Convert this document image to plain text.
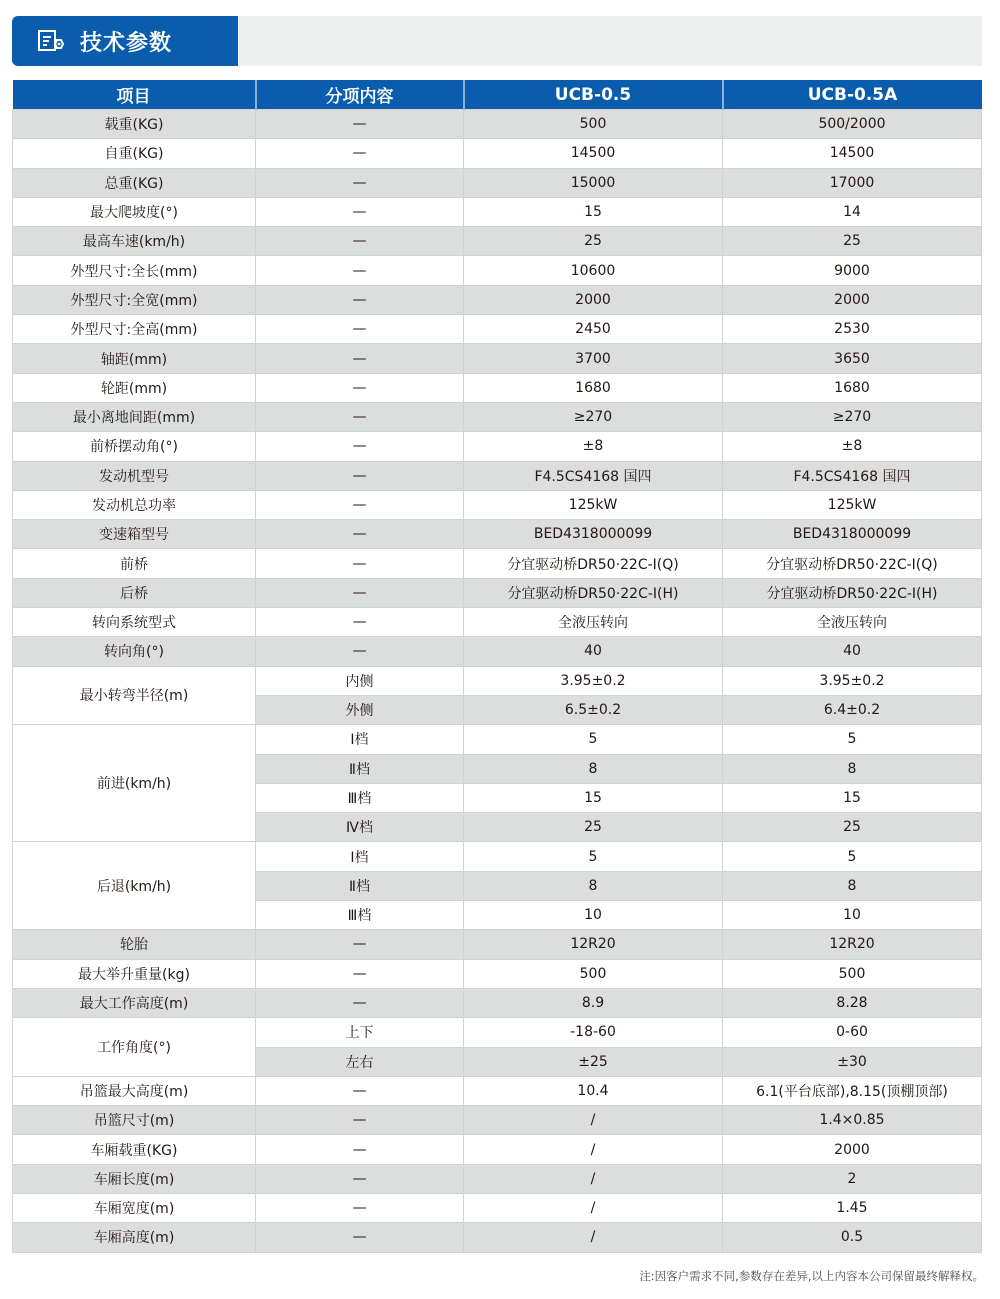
技术参数
项目	分项内容	UCB-0.5	UCB-0.5A
载重(KG)	—	500	500/2000
自重(KG)	—	14500	14500
总重(KG)	—	15000	17000
最大爬坡度(°)	—	15	14
最高车速(km/h)	—	25	25
外型尺寸:全长(mm)	—	10600	9000
外型尺寸:全宽(mm)	—	2000	2000
外型尺寸:全高(mm)	—	2450	2530
轴距(mm)	—	3700	3650
轮距(mm)	—	1680	1680
最小离地间距(mm)	—	≥270	≥270
前桥摆动角(°)	—	±8	±8
发动机型号	—	F4.5CS4168 国四	F4.5CS4168 国四
发动机总功率	—	125kW	125kW
变速箱型号	—	BED4318000099	BED4318000099
前桥	—	分宜驱动桥DR50·22C-I(Q)	分宜驱动桥DR50·22C-I(Q)
后桥	—	分宜驱动桥DR50·22C-I(H)	分宜驱动桥DR50·22C-I(H)
转向系统型式	—	全液压转向	全液压转向
转向角(°)	—	40	40
最小转弯半径(m)	内侧	3.95±0.2	3.95±0.2
	外侧	6.5±0.2	6.4±0.2
前进(km/h)	Ⅰ档	5	5
	Ⅱ档	8	8
	Ⅲ档	15	15
	Ⅳ档	25	25
后退(km/h)	Ⅰ档	5	5
	Ⅱ档	8	8
	Ⅲ档	10	10
轮胎	—	12R20	12R20
最大举升重量(kg)	—	500	500
最大工作高度(m)	—	8.9	8.28
工作角度(°)	上下	-18-60	0-60
	左右	±25	±30
吊篮最大高度(m)	—	10.4	6.1(平台底部),8.15(顶棚顶部)
吊篮尺寸(m)	—	/	1.4×0.85
车厢载重(KG)	—	/	2000
车厢长度(m)	—	/	2
车厢宽度(m)	—	/	1.45
车厢高度(m)	—	/	0.5
注:因客户需求不同,参数存在差异,以上内容本公司保留最终解释权。
